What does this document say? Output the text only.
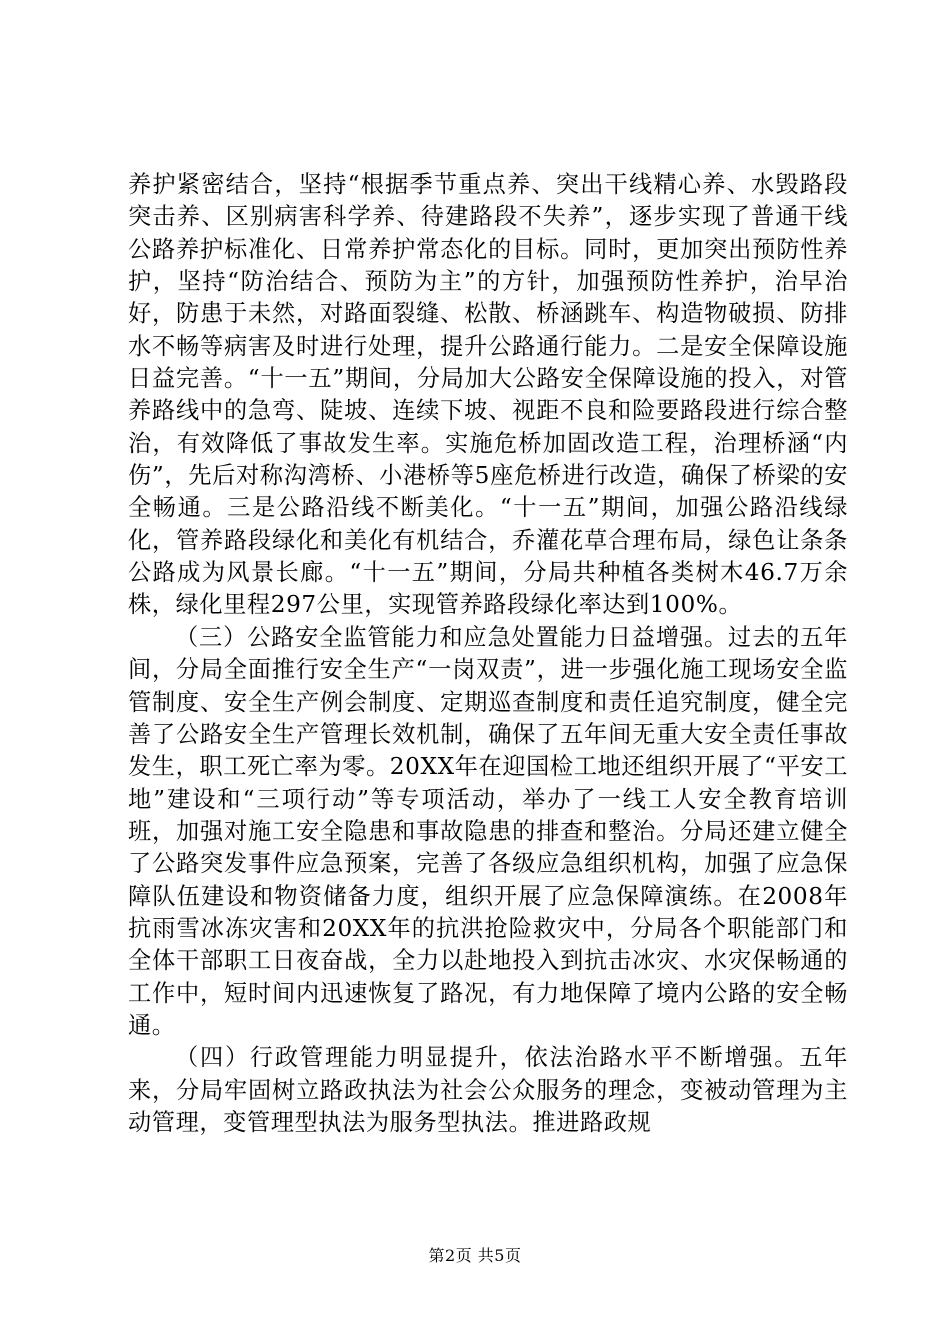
养护紧密结合，坚持“根据季节重点养、突出干线精心养、水毁路段突击养、区别病害科学养、待建路段不失养”，逐步实现了普通干线公路养护标准化、日常养护常态化的目标。同时，更加突出预防性养护，坚持“防治结合、预防为主”的方针，加强预防性养护，治早治好，防患于未然，对路面裂缝、松散、桥涵跳车、构造物破损、防排水不畅等病害及时进行处理，提升公路通行能力。二是安全保障设施日益完善。“十一五”期间，分局加大公路安全保障设施的投入，对管养路线中的急弯、陡坡、连续下坡、视距不良和险要路段进行综合整治，有效降低了事故发生率。实施危桥加固改造工程，治理桥涵“内伤”，先后对称沟湾桥、小港桥等5座危桥进行改造，确保了桥梁的安全畅通。三是公路沿线不断美化。“十一五”期间，加强公路沿线绿化，管养路段绿化和美化有机结合，乔灌花草合理布局，绿色让条条公路成为风景长廊。“十一五”期间，分局共种植各类树木46.7万余株，绿化里程297公里，实现管养路段绿化率达到100%。

（三）公路安全监管能力和应急处置能力日益增强。过去的五年间，分局全面推行安全生产“一岗双责”，进一步强化施工现场安全监管制度、安全生产例会制度、定期巡查制度和责任追究制度，健全完善了公路安全生产管理长效机制，确保了五年间无重大安全责任事故发生，职工死亡率为零。20XX年在迎国检工地还组织开展了“平安工地”建设和“三项行动”等专项活动，举办了一线工人安全教育培训班，加强对施工安全隐患和事故隐患的排查和整治。分局还建立健全了公路突发事件应急预案，完善了各级应急组织机构，加强了应急保障队伍建设和物资储备力度，组织开展了应急保障演练。在2008年抗雨雪冰冻灾害和20XX年的抗洪抢险救灾中，分局各个职能部门和全体干部职工日夜奋战，全力以赴地投入到抗击冰灾、水灾保畅通的工作中，短时间内迅速恢复了路况，有力地保障了境内公路的安全畅通。

（四）行政管理能力明显提升，依法治路水平不断增强。五年来，分局牢固树立路政执法为社会公众服务的理念，变被动管理为主动管理，变管理型执法为服务型执法。推进路政规

第2页 共5页
